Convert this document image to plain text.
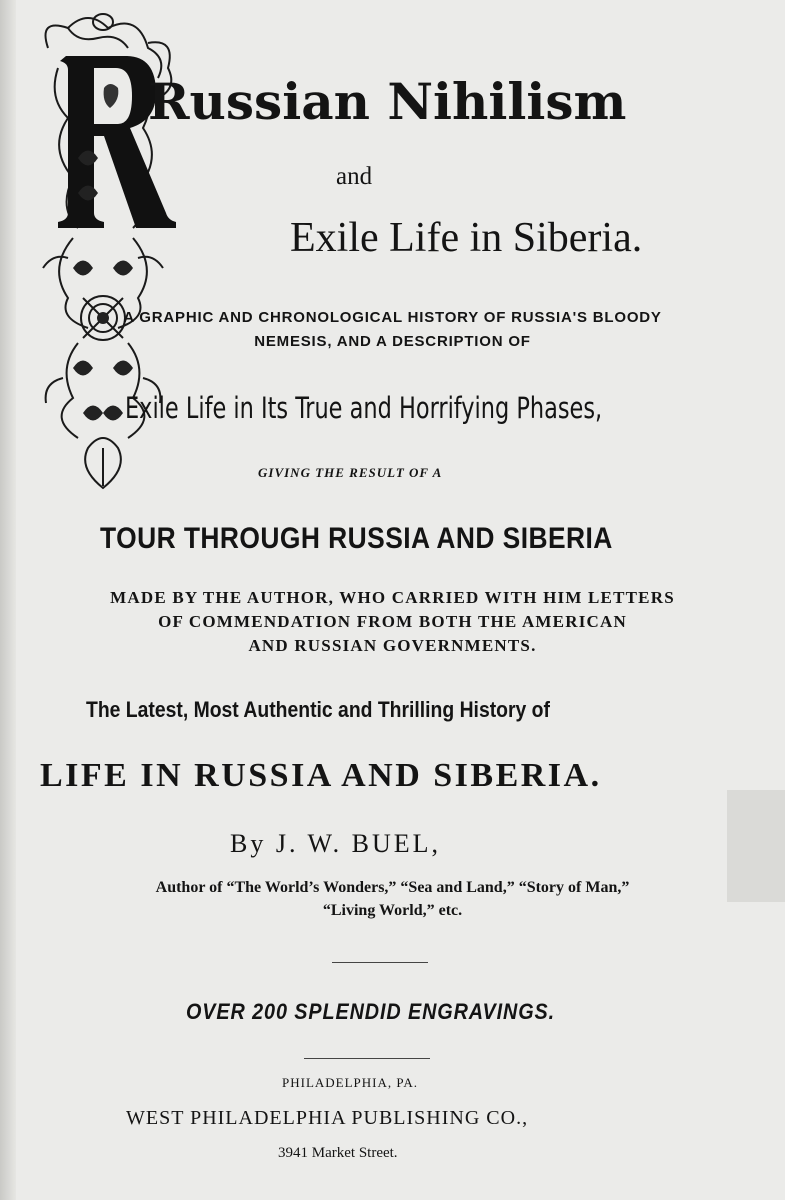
Russian Nihilism
and
Exile Life in Siberia.
A GRAPHIC AND CHRONOLOGICAL HISTORY OF RUSSIA'S BLOODY
NEMESIS, AND A DESCRIPTION OF
Exile Life in Its True and Horrifying Phases,
GIVING THE RESULT OF A
TOUR THROUGH RUSSIA AND SIBERIA
MADE BY THE AUTHOR, WHO CARRIED WITH HIM LETTERS
OF COMMENDATION FROM BOTH THE AMERICAN
AND RUSSIAN GOVERNMENTS.
The Latest, Most Authentic and Thrilling History of
LIFE IN RUSSIA AND SIBERIA.
By J. W. BUEL,
Author of “The World’s Wonders,” “Sea and Land,” “Story of Man,”
“Living World,” etc.
OVER 200 SPLENDID ENGRAVINGS.
PHILADELPHIA, PA.
WEST PHILADELPHIA PUBLISHING CO.,
3941 Market Street.
